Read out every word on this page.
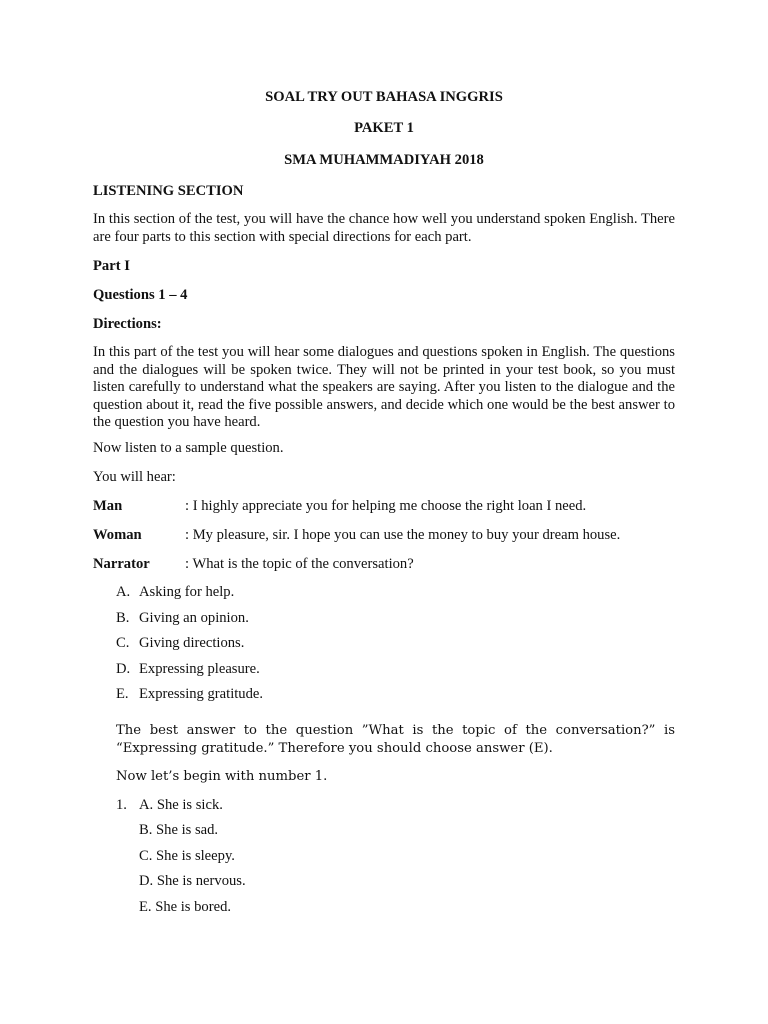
SOAL TRY OUT BAHASA INGGRIS
PAKET 1
SMA MUHAMMADIYAH 2018
LISTENING SECTION
In this section of the test, you will have the chance how well you understand spoken English. There are four parts to this section with special directions for each part.
Part I
Questions 1 – 4
Directions:
In this part of the test you will hear some dialogues and questions spoken in English. The questions and the dialogues will be spoken twice. They will not be printed in your test book, so you must listen carefully to understand what the speakers are saying. After you listen to the dialogue and the question about it, read the five possible answers, and decide which one would be the best answer to the question you have heard.
Now listen to a sample question.
You will hear:
Man	: I highly appreciate you for helping me choose the right loan I need.
Woman	: My pleasure, sir. I hope you can use the money to buy your dream house.
Narrator : What is the topic of the conversation?
A. Asking for help.
B. Giving an opinion.
C. Giving directions.
D. Expressing pleasure.
E. Expressing gratitude.
The best answer to the question ”What is the topic of the conversation?” is “Expressing gratitude.” Therefore you should choose answer (E).
Now let’s begin with number 1.
1. A. She is sick.
B. She is sad.
C. She is sleepy.
D. She is nervous.
E. She is bored.
